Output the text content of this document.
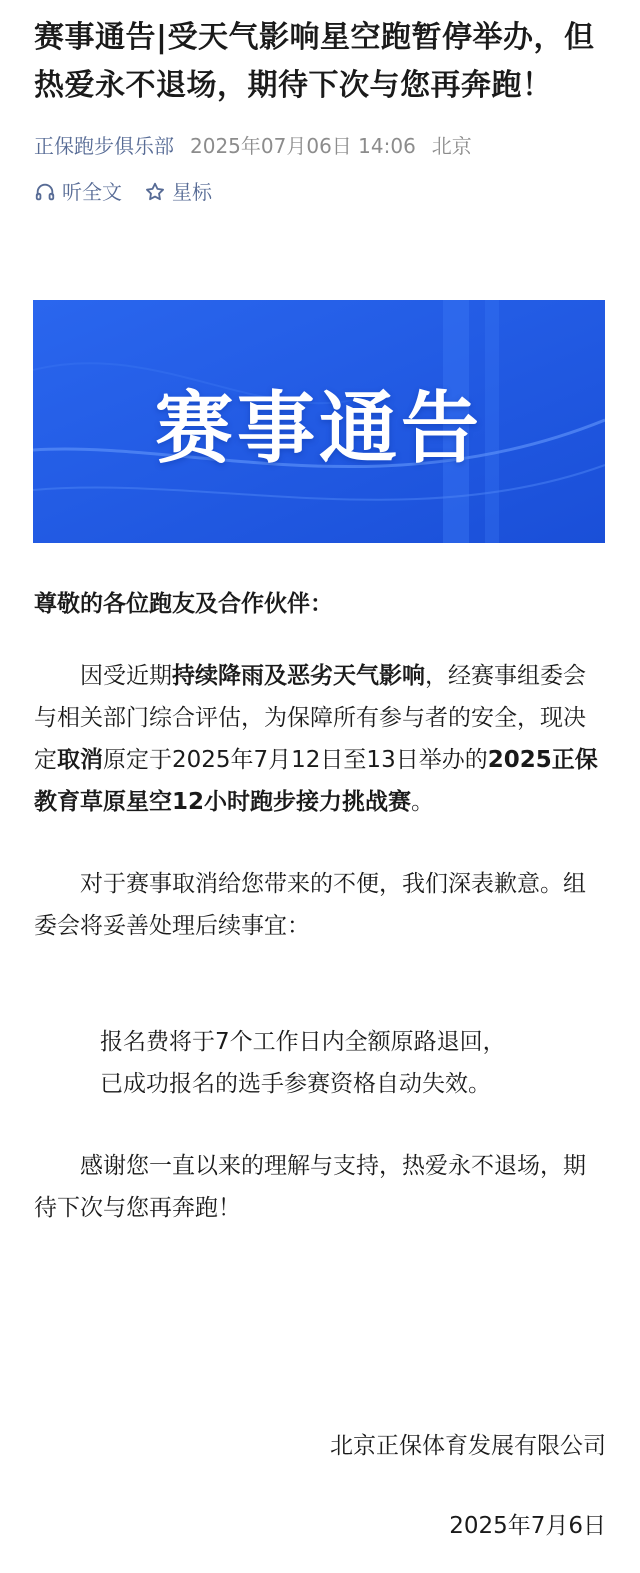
赛事通告|受天气影响星空跑暂停举办，但热爱永不退场，期待下次与您再奔跑！
正保跑步俱乐部 2025年07月06日 14:06 北京
听全文	星标
赛事通告

尊敬的各位跑友及合作伙伴：

因受近期持续降雨及恶劣天气影响，经赛事组委会与相关部门综合评估，为保障所有参与者的安全，现决定取消原定于2025年7月12日至13日举办的2025正保教育草原星空12小时跑步接力挑战赛。

对于赛事取消给您带来的不便，我们深表歉意。组委会将妥善处理后续事宜：

报名费将于7个工作日内全额原路退回，

已成功报名的选手参赛资格自动失效。

感谢您一直以来的理解与支持，热爱永不退场，期待下次与您再奔跑！

北京正保体育发展有限公司
2025年7月6日
